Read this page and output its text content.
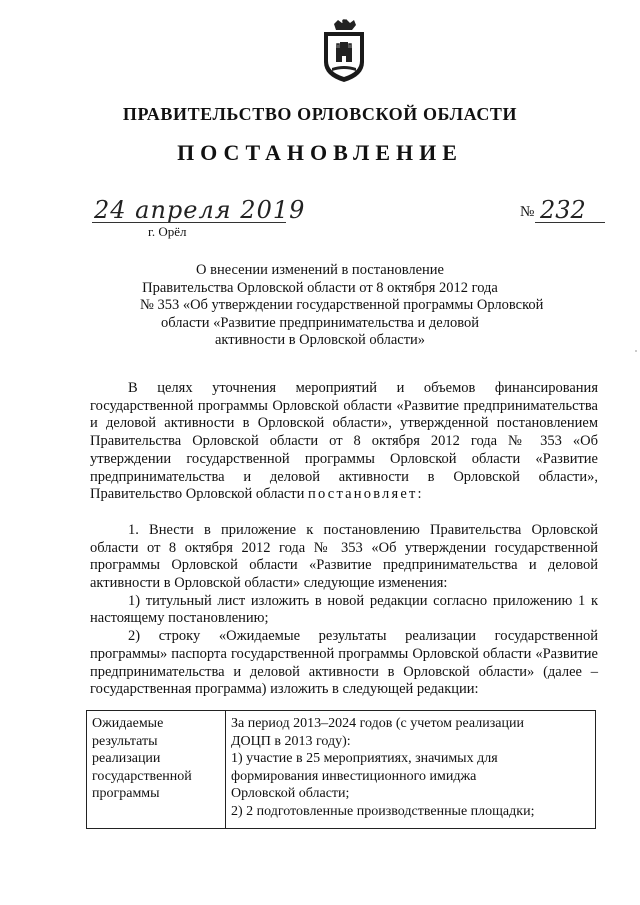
ПРАВИТЕЛЬСТВО ОРЛОВСКОЙ ОБЛАСТИ
ПОСТАНОВЛЕНИЕ
24 апреля 2019
г. Орёл
№ 232
О внесении изменений в постановление
Правительства Орловской области от 8 октября 2012 года
№ 353 «Об утверждении государственной программы Орловской
области «Развитие предпринимательства и деловой
активности в Орловской области»

В целях уточнения мероприятий и объемов финансирования государственной программы Орловской области «Развитие предпринимательства и деловой активности в Орловской области», утвержденной постановлением Правительства Орловской области от 8 октября 2012 года № 353 «Об утверждении государственной программы Орловской области «Развитие предпринимательства и деловой активности в Орловской области», Правительство Орловской области постановляет:

1. Внести в приложение к постановлению Правительства Орловской области от 8 октября 2012 года № 353 «Об утверждении государственной программы Орловской области «Развитие предпринимательства и деловой активности в Орловской области» следующие изменения:

1) титульный лист изложить в новой редакции согласно приложению 1 к настоящему постановлению;

2) строку «Ожидаемые результаты реализации государственной программы» паспорта государственной программы Орловской области «Развитие предпринимательства и деловой активности в Орловской области» (далее – государственная программа) изложить в следующей редакции:

Ожидаемые
результаты
реализации
государственной
программы

За период 2013–2024 годов (с учетом реализации
ДОЦП в 2013 году):
1) участие в 25 мероприятиях, значимых для
формирования инвестиционного имиджа
Орловской области;
2) 2 подготовленные производственные площадки;
